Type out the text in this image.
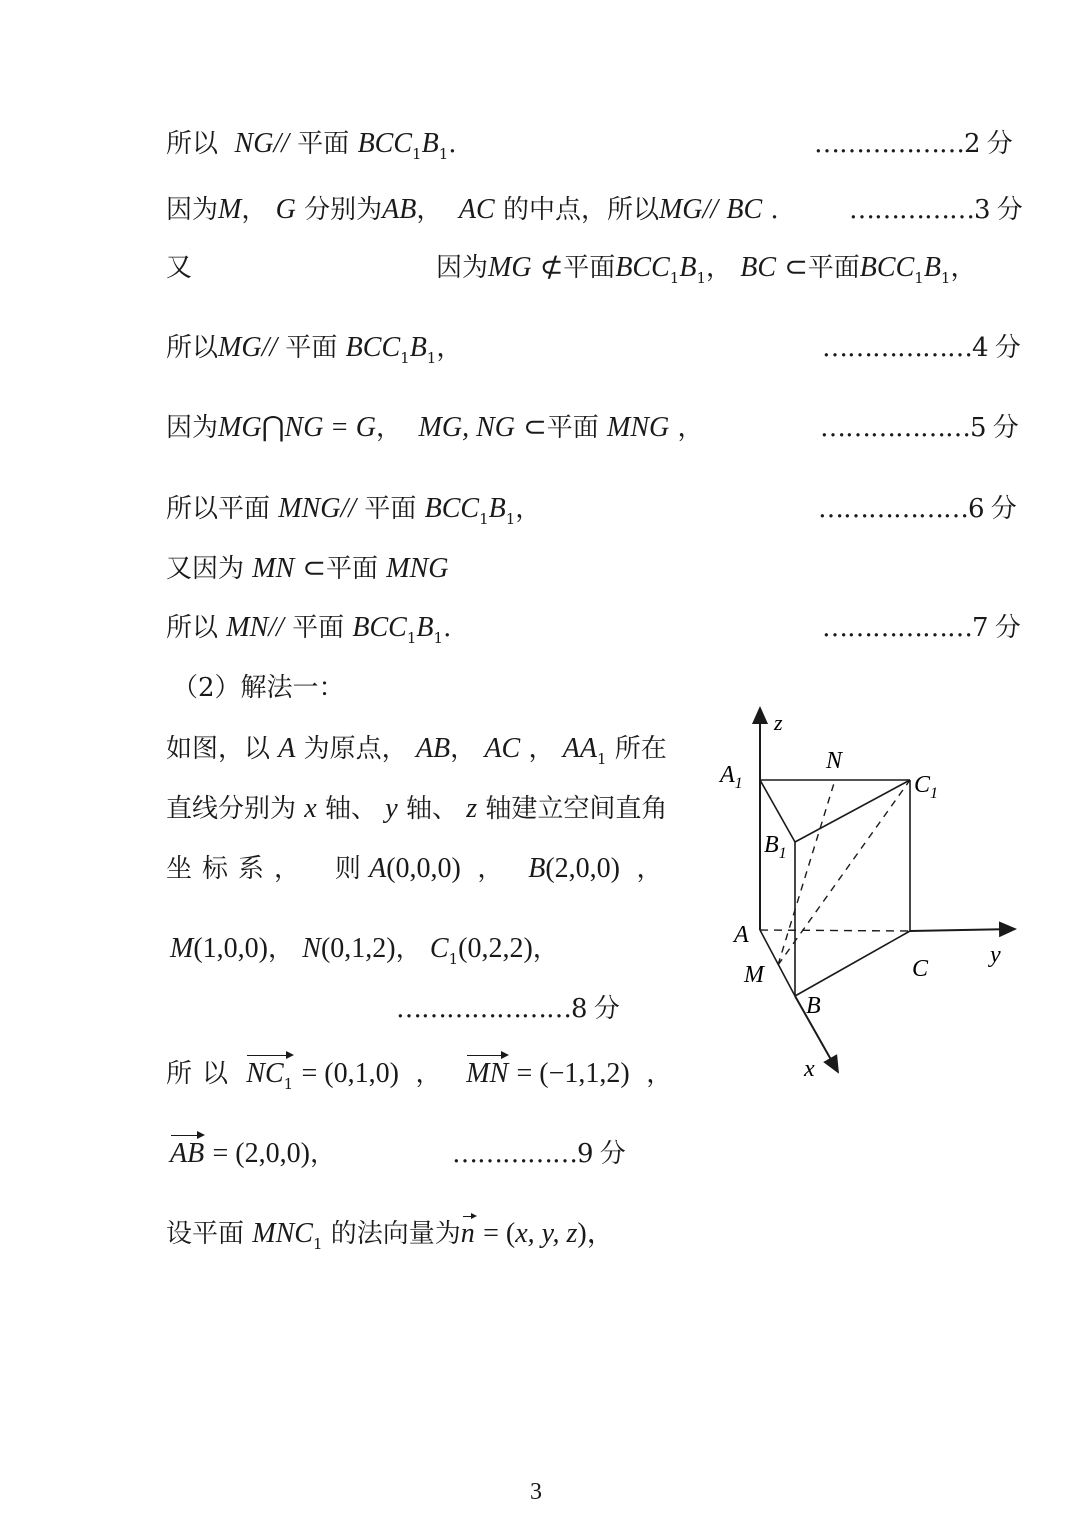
所以 NG// 平面 $BCC_1B_1$.	………………2 分
因为M， G 分别为AB， AC 的中点，所以MG// BC .	……………3 分
又	因为MG ⊄平面$BCC_1B_1$， BC ⊂平面$BCC_1B_1$，
所以MG// 平面 $BCC_1B_1$，	………………4 分
因为MG⋂NG = G， MG, NG ⊂平面 MNG ，	………………5 分
所以平面 MNG// 平面 $BCC_1B_1$，	………………6 分
又因为 MN ⊂平面 MNG
所以 MN// 平面 $BCC_1B_1$.	………………7 分
（2）解法一：
如图，以 A 为原点， AB， AC ， $AA_1$ 所在
直线分别为 x 轴、 y 轴、 z 轴建立空间直角
坐标系， 则 A(0,0,0) ， B(2,0,0) ，
M(1,0,0)， N(0,1,2)， $C_1(0,2,2)$，
…………………8 分
所以 $NC_1 = (0,1,0)$ ， MN = (−1,1,2) ，
AB = (2,0,0)，	……………9 分
设平面 $MNC_1$ 的法向量为n = (x, y, z)，
z
y
x
$A_1$
N
$C_1$
$B_1$
A
M
B
C
3
